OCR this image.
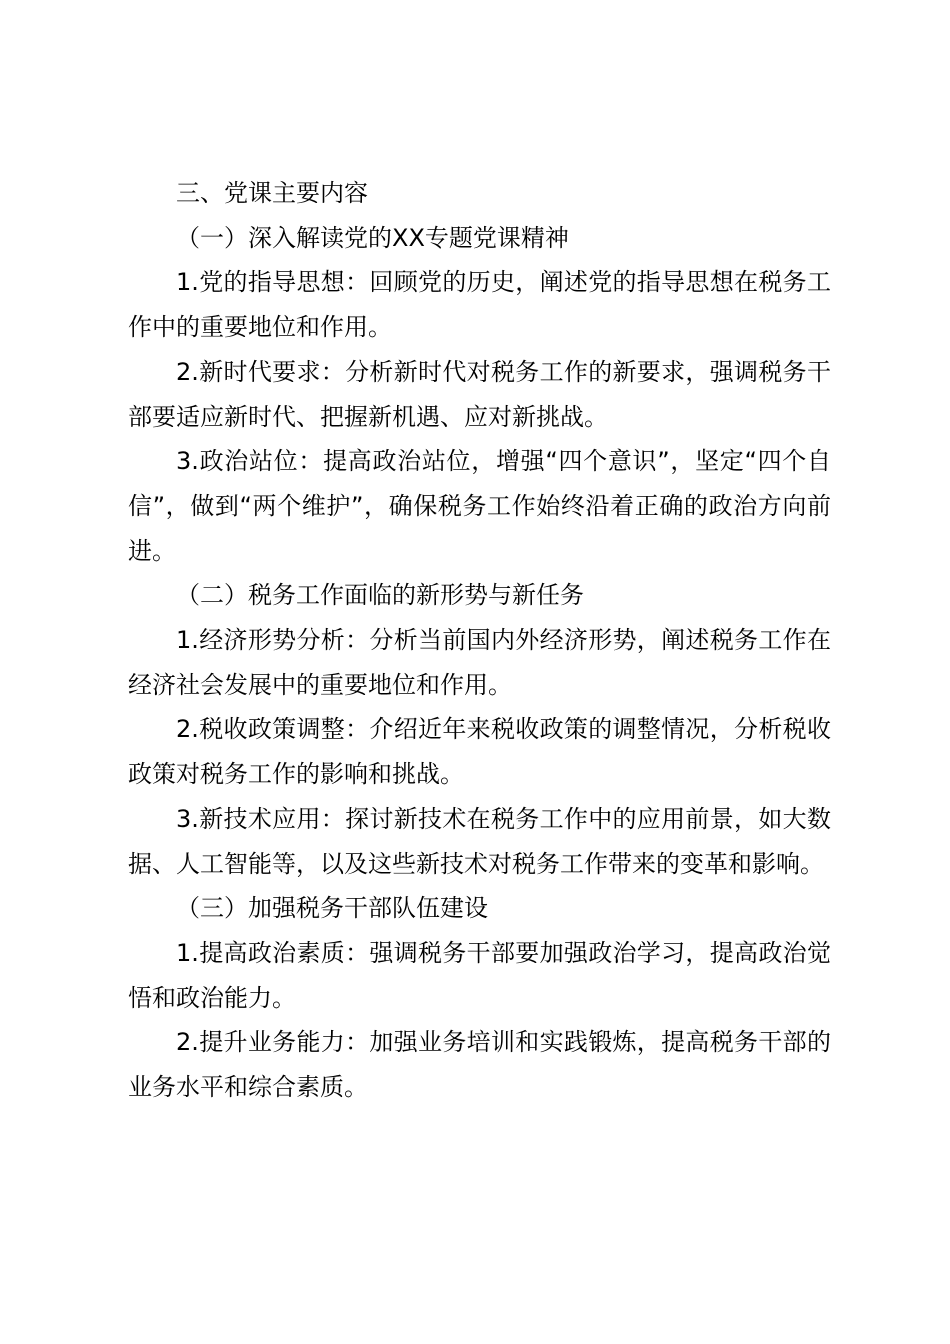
三、党课主要内容

（一）深入解读党的XX专题党课精神

1.党的指导思想：回顾党的历史，阐述党的指导思想在税务工作中的重要地位和作用。

2.新时代要求：分析新时代对税务工作的新要求，强调税务干部要适应新时代、把握新机遇、应对新挑战。

3.政治站位：提高政治站位，增强“四个意识”，坚定“四个自信”，做到“两个维护”，确保税务工作始终沿着正确的政治方向前进。

（二）税务工作面临的新形势与新任务

1.经济形势分析：分析当前国内外经济形势，阐述税务工作在经济社会发展中的重要地位和作用。

2.税收政策调整：介绍近年来税收政策的调整情况，分析税收政策对税务工作的影响和挑战。

3.新技术应用：探讨新技术在税务工作中的应用前景，如大数据、人工智能等，以及这些新技术对税务工作带来的变革和影响。

（三）加强税务干部队伍建设

1.提高政治素质：强调税务干部要加强政治学习，提高政治觉悟和政治能力。

2.提升业务能力：加强业务培训和实践锻炼，提高税务干部的业务水平和综合素质。
